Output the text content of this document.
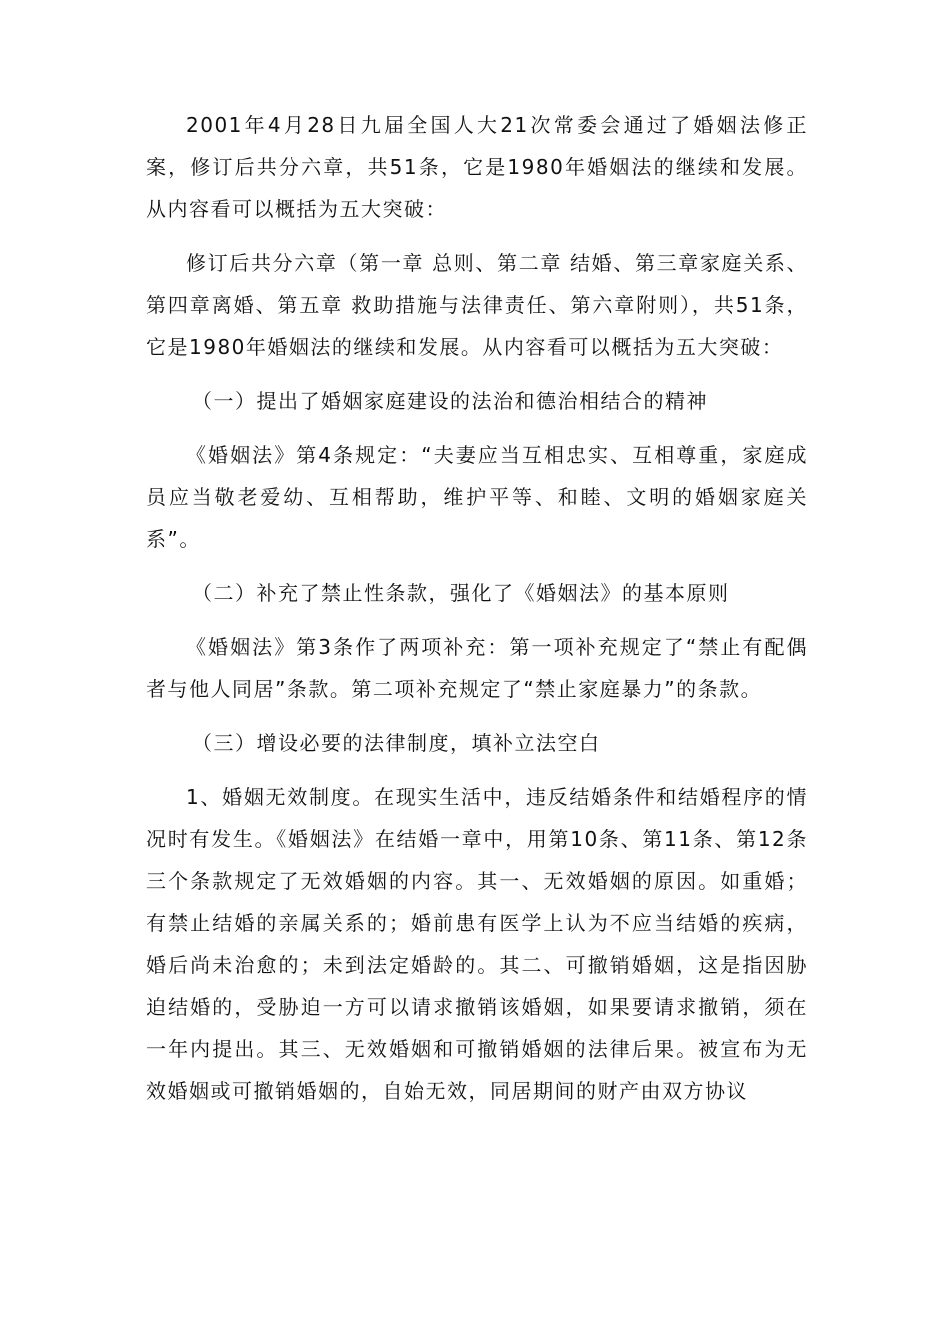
2001年4月28日九届全国人大21次常委会通过了婚姻法修正案，修订后共分六章，共51条，它是1980年婚姻法的继续和发展。从内容看可以概括为五大突破：

修订后共分六章（第一章 总则、第二章 结婚、第三章家庭关系、第四章离婚、第五章 救助措施与法律责任、第六章附则），共51条，它是1980年婚姻法的继续和发展。从内容看可以概括为五大突破：

（一）提出了婚姻家庭建设的法治和德治相结合的精神

《婚姻法》第4条规定：“夫妻应当互相忠实、互相尊重，家庭成员应当敬老爱幼、互相帮助，维护平等、和睦、文明的婚姻家庭关系”。

（二）补充了禁止性条款，强化了《婚姻法》的基本原则

《婚姻法》第3条作了两项补充：第一项补充规定了“禁止有配偶者与他人同居”条款。第二项补充规定了“禁止家庭暴力”的条款。

（三）增设必要的法律制度，填补立法空白

1、婚姻无效制度。在现实生活中，违反结婚条件和结婚程序的情况时有发生。《婚姻法》在结婚一章中，用第10条、第11条、第12条三个条款规定了无效婚姻的内容。其一、无效婚姻的原因。如重婚；有禁止结婚的亲属关系的；婚前患有医学上认为不应当结婚的疾病，婚后尚未治愈的；未到法定婚龄的。其二、可撤销婚姻，这是指因胁迫结婚的，受胁迫一方可以请求撤销该婚姻，如果要请求撤销，须在一年内提出。其三、无效婚姻和可撤销婚姻的法律后果。被宣布为无效婚姻或可撤销婚姻的，自始无效，同居期间的财产由双方协议
